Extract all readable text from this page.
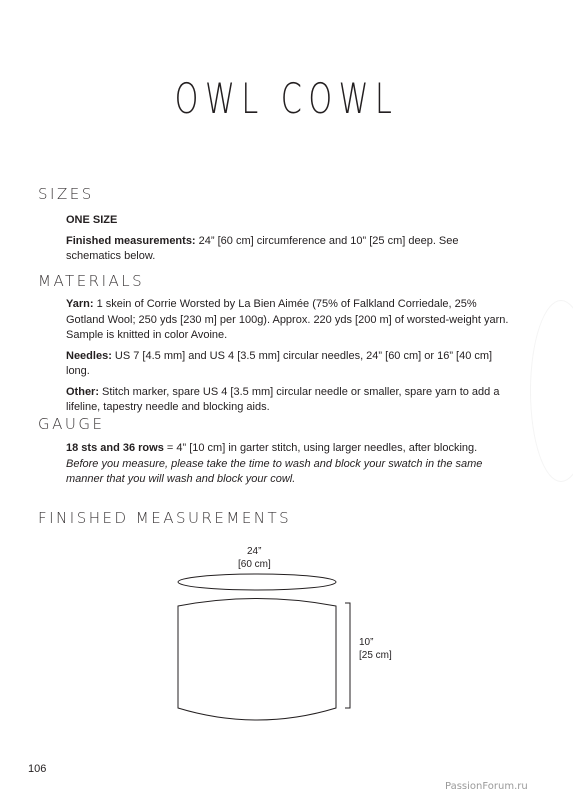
OWL COWL
SIZES

ONE SIZE

Finished measurements: 24” [60 cm] circumference and 10” [25 cm] deep. See schematics below.

MATERIALS

Yarn: 1 skein of Corrie Worsted by La Bien Aimée (75% of Falkland Corriedale, 25% Gotland Wool; 250 yds [230 m] per 100g). Approx. 220 yds [200 m] of worsted-weight yarn. Sample is knitted in color Avoine.

Needles: US 7 [4.5 mm] and US 4 [3.5 mm] circular needles, 24” [60 cm] or 16” [40 cm] long.

Other: Stitch marker, spare US 4 [3.5 mm] circular needle or smaller, spare yarn to add a lifeline, tapestry needle and blocking aids.

GAUGE

18 sts and 36 rows = 4” [10 cm] in garter stitch, using larger needles, after blocking.

Before you measure, please take the time to wash and block your swatch in the same manner that you will wash and block your cowl.

FINISHED MEASUREMENTS
24”
[60 cm]
10”
[25 cm]
106
PassionForum.ru
